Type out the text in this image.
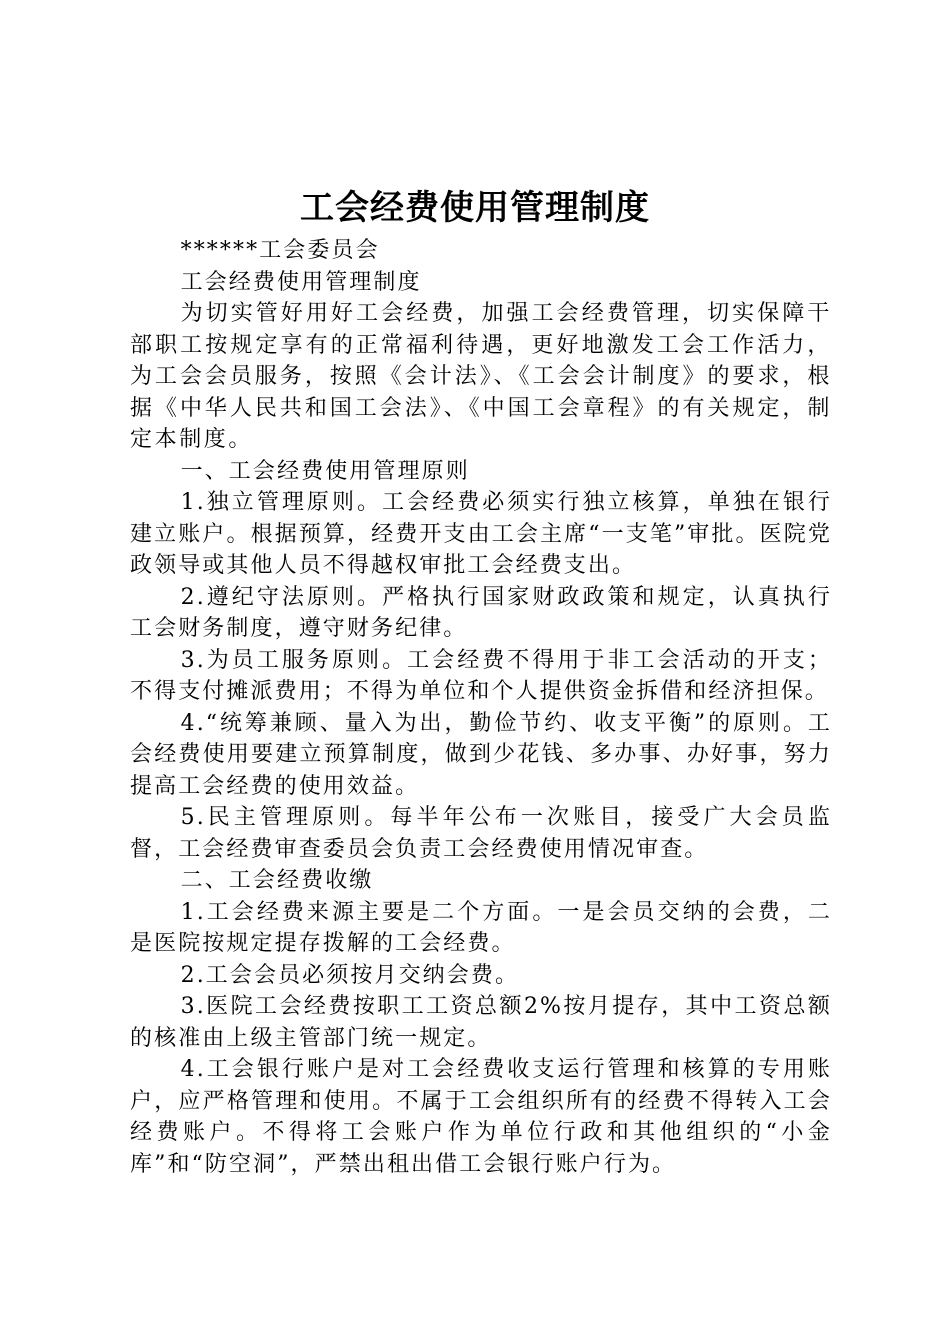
工会经费使用管理制度

******工会委员会

工会经费使用管理制度

为切实管好用好工会经费，加强工会经费管理，切实保障干部职工按规定享有的正常福利待遇，更好地激发工会工作活力，为工会会员服务，按照《会计法》、《工会会计制度》的要求，根据《中华人民共和国工会法》、《中国工会章程》的有关规定，制定本制度。

一、工会经费使用管理原则

1.独立管理原则。工会经费必须实行独立核算，单独在银行建立账户。根据预算，经费开支由工会主席“一支笔”审批。医院党政领导或其他人员不得越权审批工会经费支出。

2.遵纪守法原则。严格执行国家财政政策和规定，认真执行工会财务制度，遵守财务纪律。

3.为员工服务原则。工会经费不得用于非工会活动的开支；不得支付摊派费用；不得为单位和个人提供资金拆借和经济担保。

4.“统筹兼顾、量入为出，勤俭节约、收支平衡”的原则。工会经费使用要建立预算制度，做到少花钱、多办事、办好事，努力提高工会经费的使用效益。

5.民主管理原则。每半年公布一次账目，接受广大会员监督，工会经费审查委员会负责工会经费使用情况审查。

二、工会经费收缴

1.工会经费来源主要是二个方面。一是会员交纳的会费，二是医院按规定提存拨解的工会经费。

2.工会会员必须按月交纳会费。

3.医院工会经费按职工工资总额2%按月提存，其中工资总额的核准由上级主管部门统一规定。

4.工会银行账户是对工会经费收支运行管理和核算的专用账户，应严格管理和使用。不属于工会组织所有的经费不得转入工会经费账户。不得将工会账户作为单位行政和其他组织的“小金库”和“防空洞”，严禁出租出借工会银行账户行为。
